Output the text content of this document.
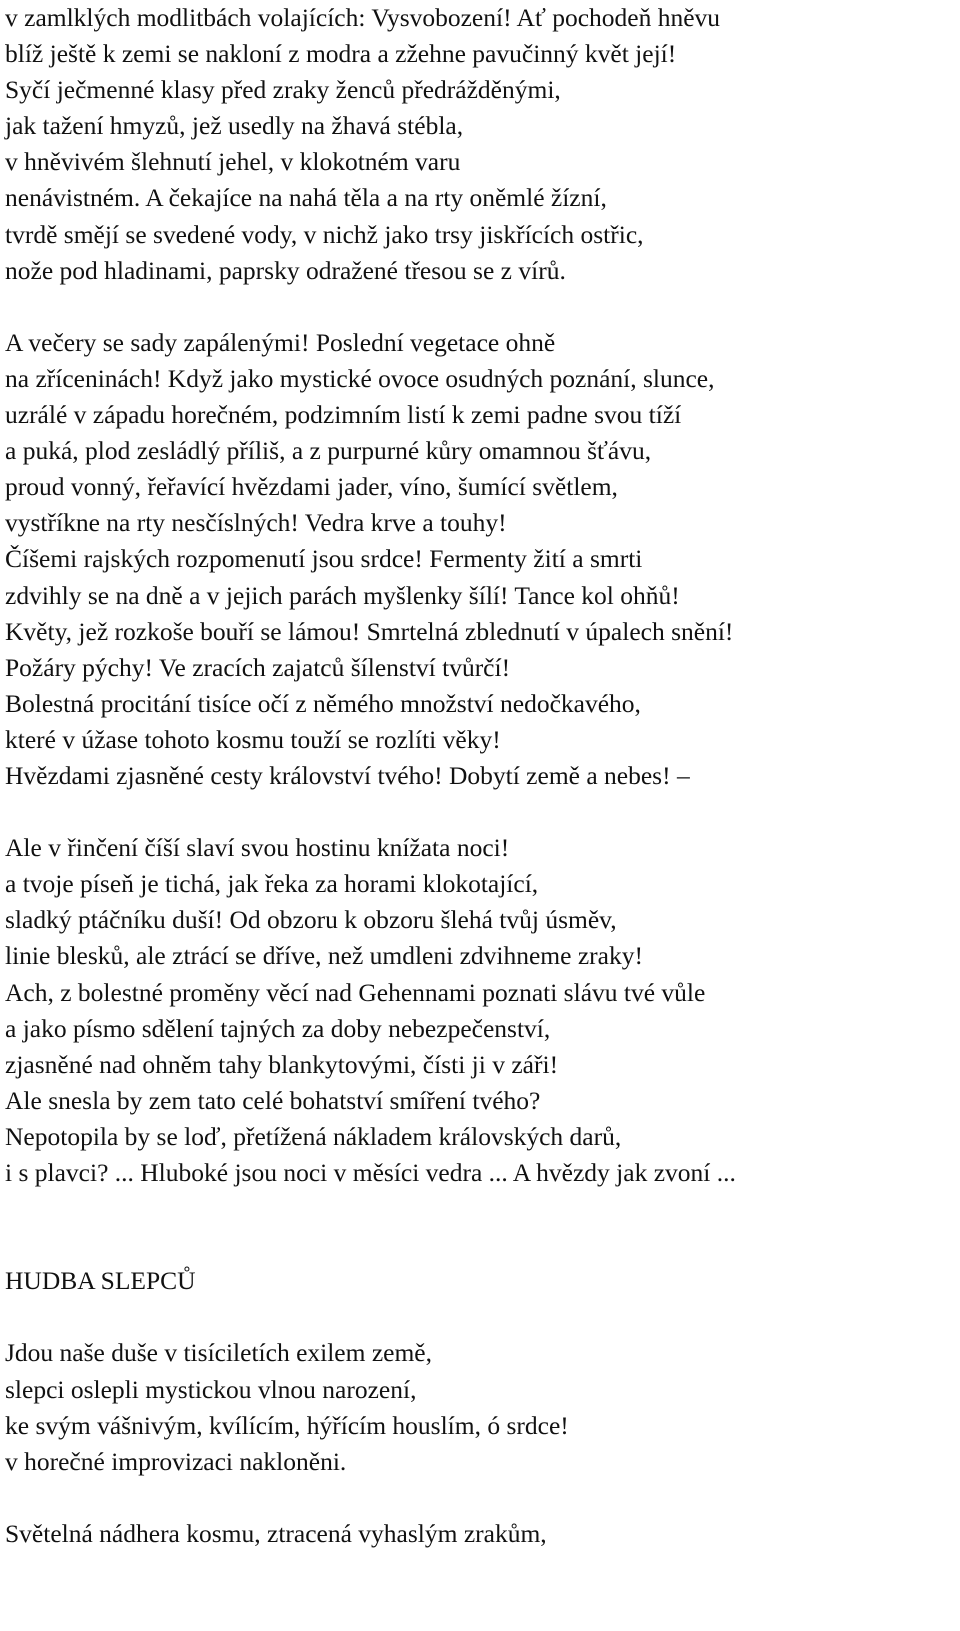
v zamlklých modlitbách volajících: Vysvobození! Ať pochodeň hněvu
blíž ještě k zemi se nakloní z modra a zžehne pavučinný květ její!
Syčí ječmenné klasy před zraky ženců předrážděnými,
jak tažení hmyzů, jež usedly na žhavá stébla,
v hněvivém šlehnutí jehel, v klokotném varu
nenávistném. A čekajíce na nahá těla a na rty oněmlé žízní,
tvrdě smějí se svedené vody, v nichž jako trsy jiskřících ostřic,
nože pod hladinami, paprsky odražené třesou se z vírů.
A večery se sady zapálenými! Poslední vegetace ohně
na zříceninách! Když jako mystické ovoce osudných poznání, slunce,
uzrálé v západu horečném, podzimním listí k zemi padne svou tíží
a puká, plod zesládlý příliš, a z purpurné kůry omamnou šťávu,
proud vonný, řeřavící hvězdami jader, víno, šumící světlem,
vystříkne na rty nesčíslných! Vedra krve a touhy!
Číšemi rajských rozpomenutí jsou srdce! Fermenty žití a smrti
zdvihly se na dně a v jejich parách myšlenky šílí! Tance kol ohňů!
Květy, jež rozkoše bouří se lámou! Smrtelná zblednutí v úpalech snění!
Požáry pýchy! Ve zracích zajatců šílenství tvůrčí!
Bolestná procitání tisíce očí z němého množství nedočkavého,
které v úžase tohoto kosmu touží se rozlíti věky!
Hvězdami zjasněné cesty království tvého! Dobytí země a nebes! –
Ale v řinčení číší slaví svou hostinu knížata noci!
a tvoje píseň je tichá, jak řeka za horami klokotající,
sladký ptáčníku duší! Od obzoru k obzoru šlehá tvůj úsměv,
linie blesků, ale ztrácí se dříve, než umdleni zdvihneme zraky!
Ach, z bolestné proměny věcí nad Gehennami poznati slávu tvé vůle
a jako písmo sdělení tajných za doby nebezpečenství,
zjasněné nad ohněm tahy blankytovými, čísti ji v záři!
Ale snesla by zem tato celé bohatství smíření tvého?
Nepotopila by se loď, přetížená nákladem královských darů,
i s plavci? ... Hluboké jsou noci v měsíci vedra ... A hvězdy jak zvoní ...
HUDBA SLEPCŮ
Jdou naše duše v tisíciletích exilem země,
slepci oslepli mystickou vlnou narození,
ke svým vášnivým, kvílícím, hýřícím houslím, ó srdce!
v horečné improvizaci nakloněni.
Světelná nádhera kosmu, ztracená vyhaslým zrakům,
